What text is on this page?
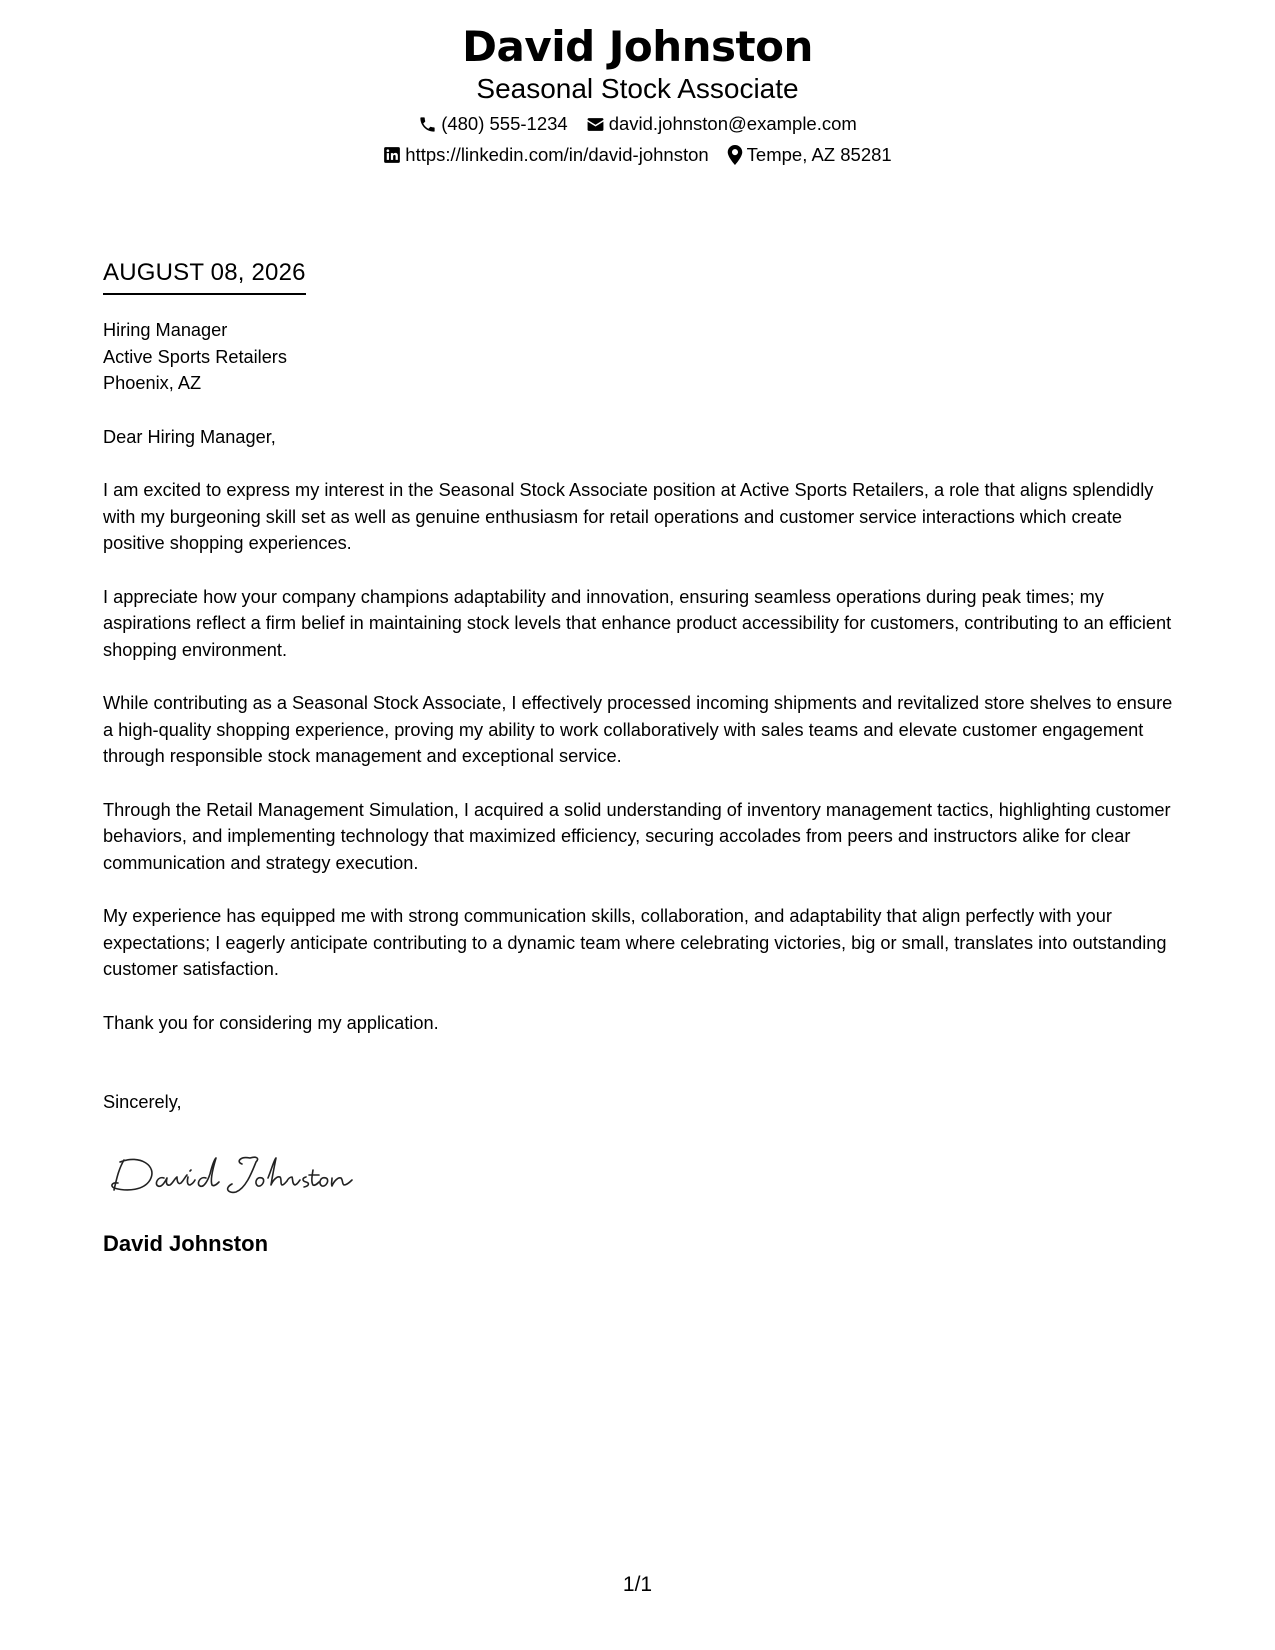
David Johnston
Seasonal Stock Associate
(480) 555-1234 david.johnston@example.com
https://linkedin.com/in/david-johnston Tempe, AZ 85281
AUGUST 08, 2026
Hiring Manager
Active Sports Retailers
Phoenix, AZ
Dear Hiring Manager,
I am excited to express my interest in the Seasonal Stock Associate position at Active Sports Retailers, a role that aligns splendidly with my burgeoning skill set as well as genuine enthusiasm for retail operations and customer service interactions which create positive shopping experiences.
I appreciate how your company champions adaptability and innovation, ensuring seamless operations during peak times; my aspirations reflect a firm belief in maintaining stock levels that enhance product accessibility for customers, contributing to an efficient shopping environment.
While contributing as a Seasonal Stock Associate, I effectively processed incoming shipments and revitalized store shelves to ensure a high-quality shopping experience, proving my ability to work collaboratively with sales teams and elevate customer engagement through responsible stock management and exceptional service.
Through the Retail Management Simulation, I acquired a solid understanding of inventory management tactics, highlighting customer behaviors, and implementing technology that maximized efficiency, securing accolades from peers and instructors alike for clear communication and strategy execution.
My experience has equipped me with strong communication skills, collaboration, and adaptability that align perfectly with your expectations; I eagerly anticipate contributing to a dynamic team where celebrating victories, big or small, translates into outstanding customer satisfaction.
Thank you for considering my application.
Sincerely,
David Johnston
1/1
